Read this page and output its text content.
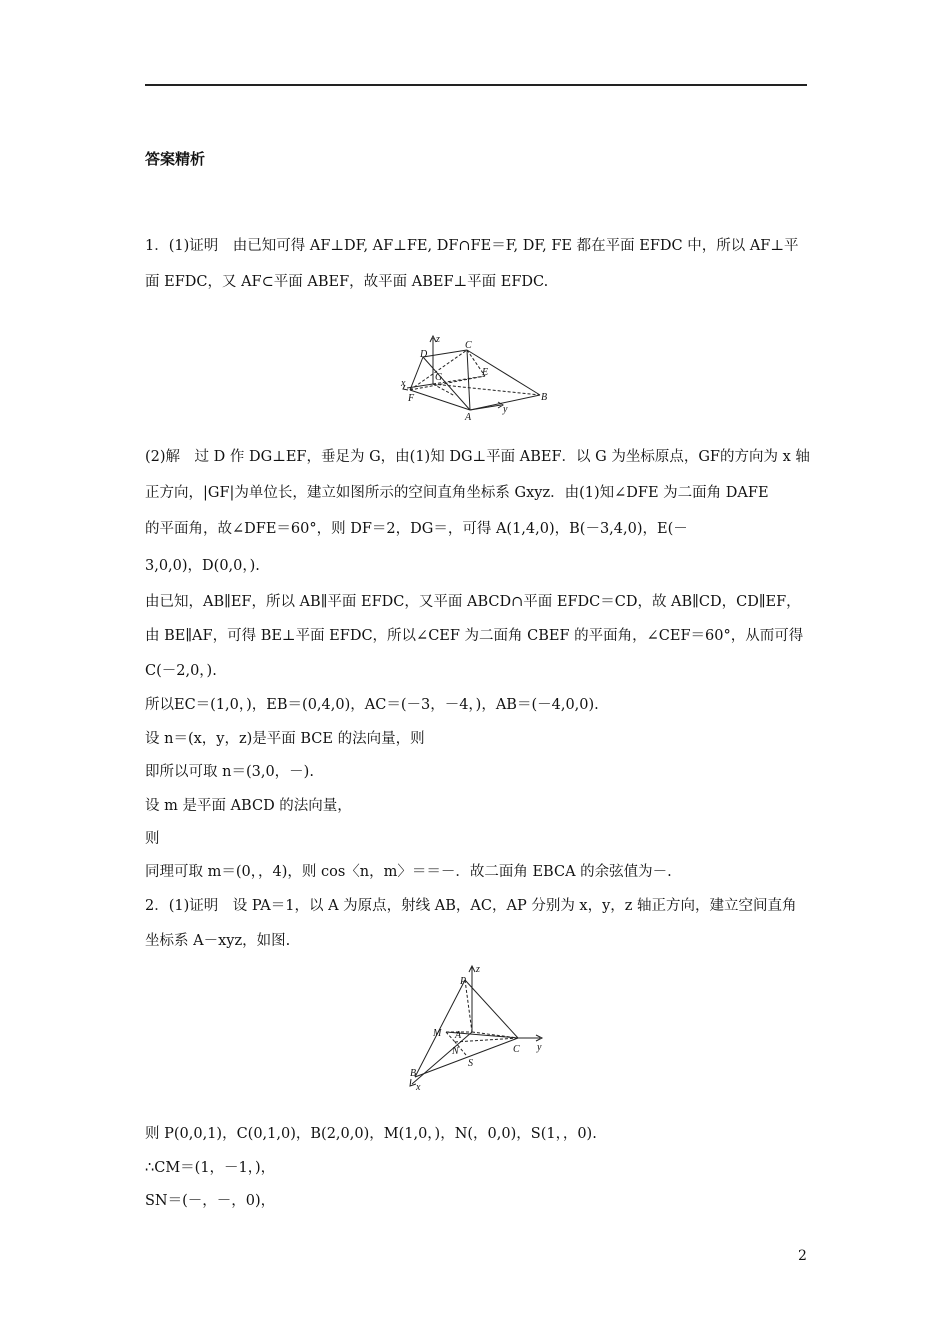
答案精析
1．(1)证明　由已知可得 AF⊥DF, AF⊥FE, DF∩FE＝F, DF, FE 都在平面 EFDC 中，所以 AF⊥平
面 EFDC，又 AF⊂平面 ABEF，故平面 ABEF⊥平面 EFDC.
z
D
C
G	E
x
F
A
y
B
(2)解　过 D 作 DG⊥EF，垂足为 G，由(1)知 DG⊥平面 ABEF．以 G 为坐标原点，GF的方向为 x 轴
正方向，|GF|为单位长，建立如图所示的空间直角坐标系 Gxyz．由(1)知∠DFE 为二面角 DAFE
的平面角，故∠DFE＝60°，则 DF＝2，DG＝，可得 A(1,4,0)，B(－3,4,0)，E(－
3,0,0)，D(0,0，).
由已知，AB∥EF，所以 AB∥平面 EFDC，又平面 ABCD∩平面 EFDC＝CD，故 AB∥CD，CD∥EF，
由 BE∥AF，可得 BE⊥平面 EFDC，所以∠CEF 为二面角 CBEF 的平面角，∠CEF＝60°，从而可得
C(－2,0，).
所以EC＝(1,0，)，EB＝(0,4,0)，AC＝(－3，－4，)，AB＝(－4,0,0).
设 n＝(x，y，z)是平面 BCE 的法向量，则
即所以可取 n＝(3,0，－).
设 m 是平面 ABCD 的法向量，
则
同理可取 m＝(0，，4)，则 cos〈n，m〉＝＝－．故二面角 EBCA 的余弦值为－.
2．(1)证明　设 PA＝1，以 A 为原点，射线 AB，AC，AP 分别为 x，y，z 轴正方向，建立空间直角
坐标系 A－xyz，如图.
z
P
M A
N	C y
S
B
x
则 P(0,0,1)，C(0,1,0)，B(2,0,0)，M(1,0，)，N(，0,0)，S(1，，0).
∴CM＝(1，－1，)，
SN＝(－，－，0)，
2
